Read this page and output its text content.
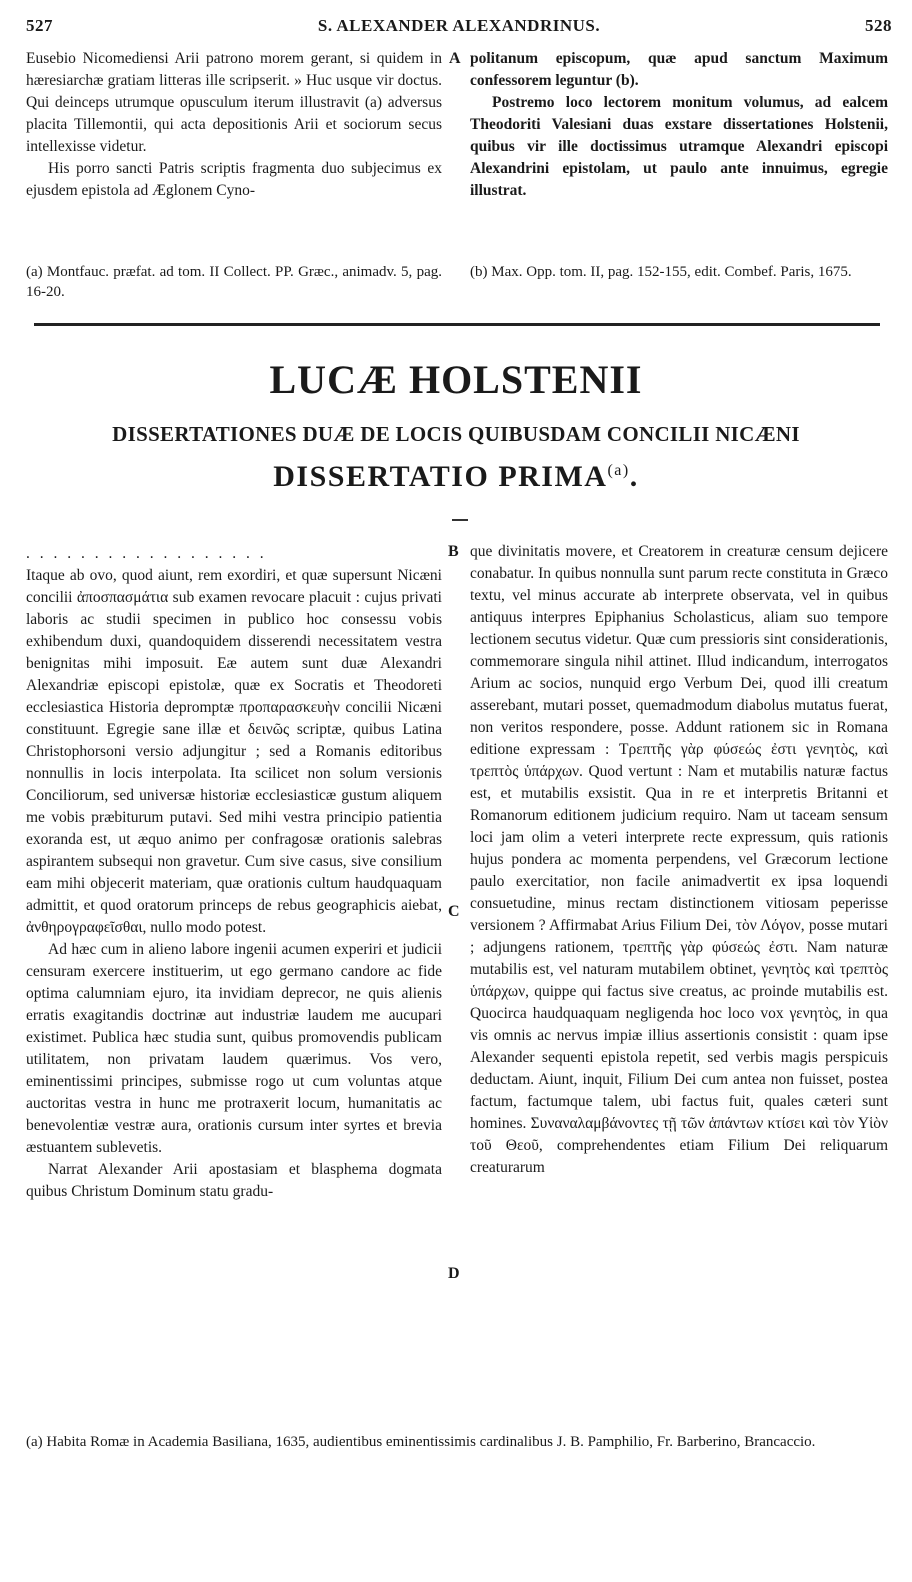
527	S. ALEXANDER ALEXANDRINUS.	528

Eusebio Nicomediensi Arii patrono morem gerant, si quidem in hæresiarchæ gratiam litteras ille scripserit. » Huc usque vir doctus. Qui deinceps utrumque opusculum iterum illustravit (a) adversus placita Tillemontii, qui acta depositionis Arii et sociorum secus intellexisse videtur.

His porro sancti Patris scriptis fragmenta duo subjecimus ex ejusdem epistola ad Æglonem Cyno-

A politanum episcopum, quæ apud sanctum Maximum confessorem leguntur (b).

Postremo loco lectorem monitum volumus, ad ealcem Theodoriti Valesiani duas exstare dissertationes Holstenii, quibus vir ille doctissimus utramque Alexandri episcopi Alexandrini epistolam, ut paulo ante innuimus, egregie illustrat.

(a) Montfauc. præfat. ad tom. II Collect. PP. Græc., animadv. 5, pag. 16-20.
(b) Max. Opp. tom. II, pag. 152-155, edit. Combef. Paris, 1675.
LUCÆ HOLSTENII
DISSERTATIONES DUÆ DE LOCIS QUIBUSDAM CONCILII NICÆNI
DISSERTATIO PRIMA$^{(a)}$.

. . . . . . . . . . . . . . . . . .

Itaque ab ovo, quod aiunt, rem exordiri, et quæ supersunt Nicæni concilii ἀποσπασμάτια sub examen revocare placuit : cujus privati laboris ac studii specimen in publico hoc consessu vobis exhibendum duxi, quandoquidem disserendi necessitatem vestra benignitas mihi imposuit. Eæ autem sunt duæ Alexandri Alexandriæ episcopi epistolæ, quæ ex Socratis et Theodoreti ecclesiastica Historia depromptæ προπαρασκευὴν concilii Nicæni constituunt. Egregie sane illæ et δεινῶς scriptæ, quibus Latina Christophorsoni versio adjungitur ; sed a Romanis editoribus nonnullis in locis interpolata. Ita scilicet non solum versionis Conciliorum, sed universæ historiæ ecclesiasticæ gustum aliquem me vobis præbiturum putavi. Sed mihi vestra principio patientia exoranda est, ut æquo animo per confragosæ orationis salebras aspirantem subsequi non gravetur. Cum sive casus, sive consilium eam mihi objecerit materiam, quæ orationis cultum haudquaquam admittit, et quod oratorum princeps de rebus geographicis aiebat, ἀνθηρογραφεῖσθαι, nullo modo potest.

Ad hæc cum in alieno labore ingenii acumen experiri et judicii censuram exercere instituerim, ut ego germano candore ac fide optima calumniam ejuro, ita invidiam deprecor, ne quis alienis erratis exagitandis doctrinæ aut industriæ laudem me aucupari existimet. Publica hæc studia sunt, quibus promovendis publicam utilitatem, non privatam laudem quærimus. Vos vero, eminentissimi principes, submisse rogo ut cum voluntas atque auctoritas vestra in hunc me protraxerit locum, humanitatis ac benevolentiæ vestræ aura, orationis cursum inter syrtes et brevia æstuantem sublevetis.

Narrat Alexander Arii apostasiam et blasphema dogmata quibus Christum Dominum statu gradu-

B
C
D

que divinitatis movere, et Creatorem in creaturæ censum dejicere conabatur. In quibus nonnulla sunt parum recte constituta in Græco textu, vel minus accurate ab interprete observata, vel in quibus antiquus interpres Epiphanius Scholasticus, aliam suo tempore lectionem secutus videtur. Quæ cum pressioris sint considerationis, commemorare singula nihil attinet. Illud indicandum, interrogatos Arium ac socios, nunquid ergo Verbum Dei, quod illi creatum asserebant, mutari posset, quemadmodum diabolus mutatus fuerat, non veritos respondere, posse. Addunt rationem sic in Romana editione expressam : Τρεπτῆς γὰρ φύσεώς ἐστι γενητὸς, καὶ τρεπτὸς ὑπάρχων. Quod vertunt : Nam et mutabilis naturæ factus est, et mutabilis exsistit. Qua in re et interpretis Britanni et Romanorum editionem judicium requiro. Nam ut taceam sensum loci jam olim a veteri interprete recte expressum, quis rationis hujus pondera ac momenta perpendens, vel Græcorum lectione paulo exercitatior, non facile animadvertit ex ipsa loquendi consuetudine, minus rectam distinctionem vitiosam peperisse versionem ? Affirmabat Arius Filium Dei, τὸν Λόγον, posse mutari ; adjungens rationem, τρεπτῆς γὰρ φύσεώς ἐστι. Nam naturæ mutabilis est, vel naturam mutabilem obtinet, γενητὸς καὶ τρεπτὸς ὑπάρχων, quippe qui factus sive creatus, ac proinde mutabilis est. Quocirca haudquaquam negligenda hoc loco vox γενητὸς, in qua vis omnis ac nervus impiæ illius assertionis consistit : quam ipse Alexander sequenti epistola repetit, sed verbis magis perspicuis deductam. Aiunt, inquit, Filium Dei cum antea non fuisset, postea factum, factumque talem, ubi factus fuit, quales cæteri sunt homines. Συναναλαμβάνοντες τῇ τῶν ἁπάντων κτίσει καὶ τὸν Υἱὸν τοῦ Θεοῦ, comprehendentes etiam Filium Dei reliquarum creaturarum

(a) Habita Romæ in Academia Basiliana, 1635, audientibus eminentissimis cardinalibus J. B. Pamphilio, Fr. Barberino, Brancaccio.
